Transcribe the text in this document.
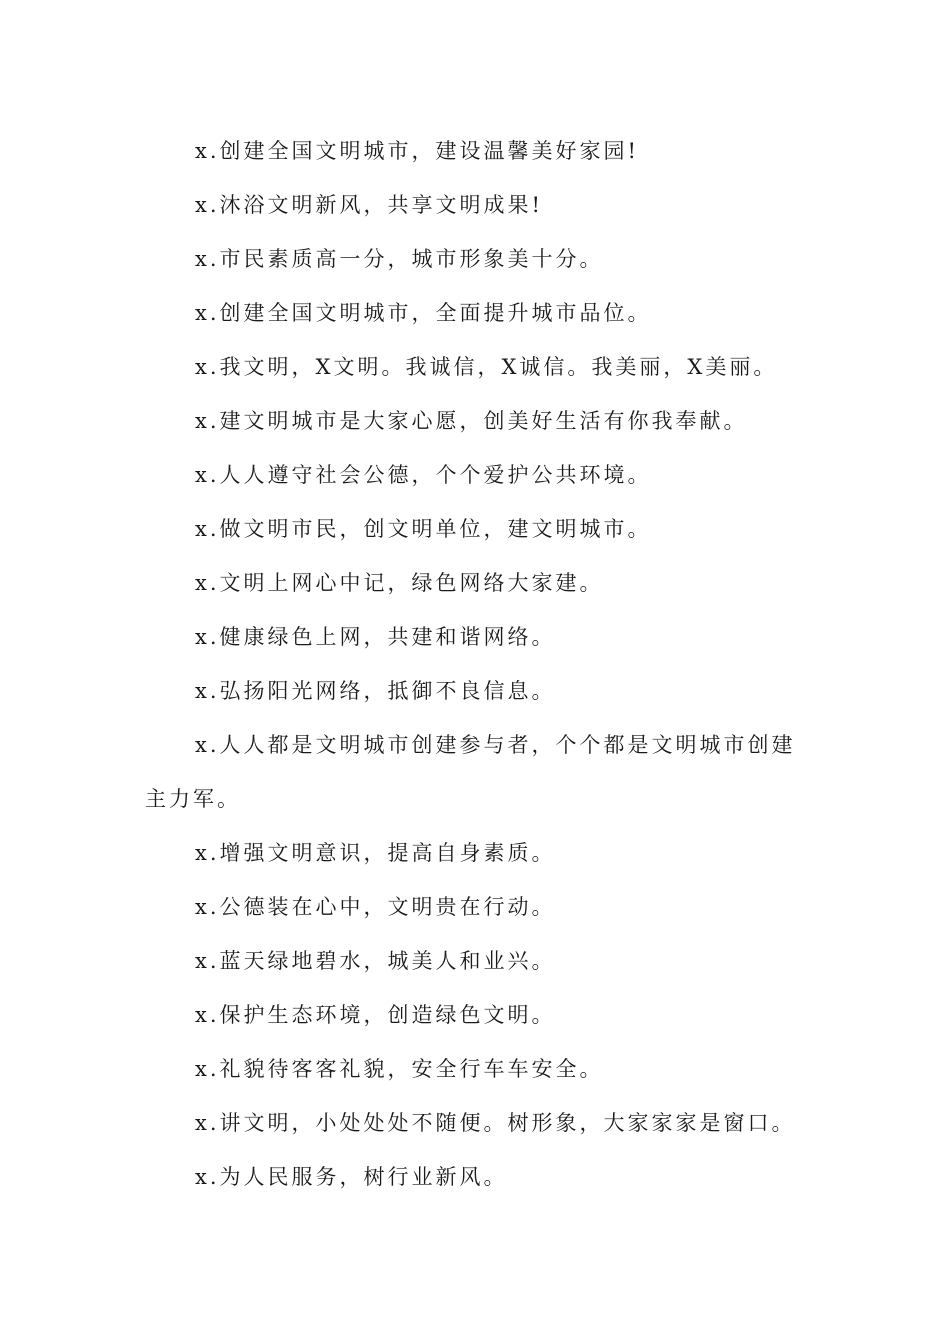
x.创建全国文明城市，建设温馨美好家园!

x.沐浴文明新风，共享文明成果!

x.市民素质高一分，城市形象美十分。

x.创建全国文明城市，全面提升城市品位。

x.我文明，X文明。我诚信，X诚信。我美丽，X美丽。

x.建文明城市是大家心愿，创美好生活有你我奉献。

x.人人遵守社会公德，个个爱护公共环境。

x.做文明市民，创文明单位，建文明城市。

x.文明上网心中记，绿色网络大家建。

x.健康绿色上网，共建和谐网络。

x.弘扬阳光网络，抵御不良信息。

x.人人都是文明城市创建参与者，个个都是文明城市创建主力军。

x.增强文明意识，提高自身素质。

x.公德装在心中，文明贵在行动。

x.蓝天绿地碧水，城美人和业兴。

x.保护生态环境，创造绿色文明。

x.礼貌待客客礼貌，安全行车车安全。

x.讲文明，小处处处不随便。树形象，大家家家是窗口。

x.为人民服务，树行业新风。
